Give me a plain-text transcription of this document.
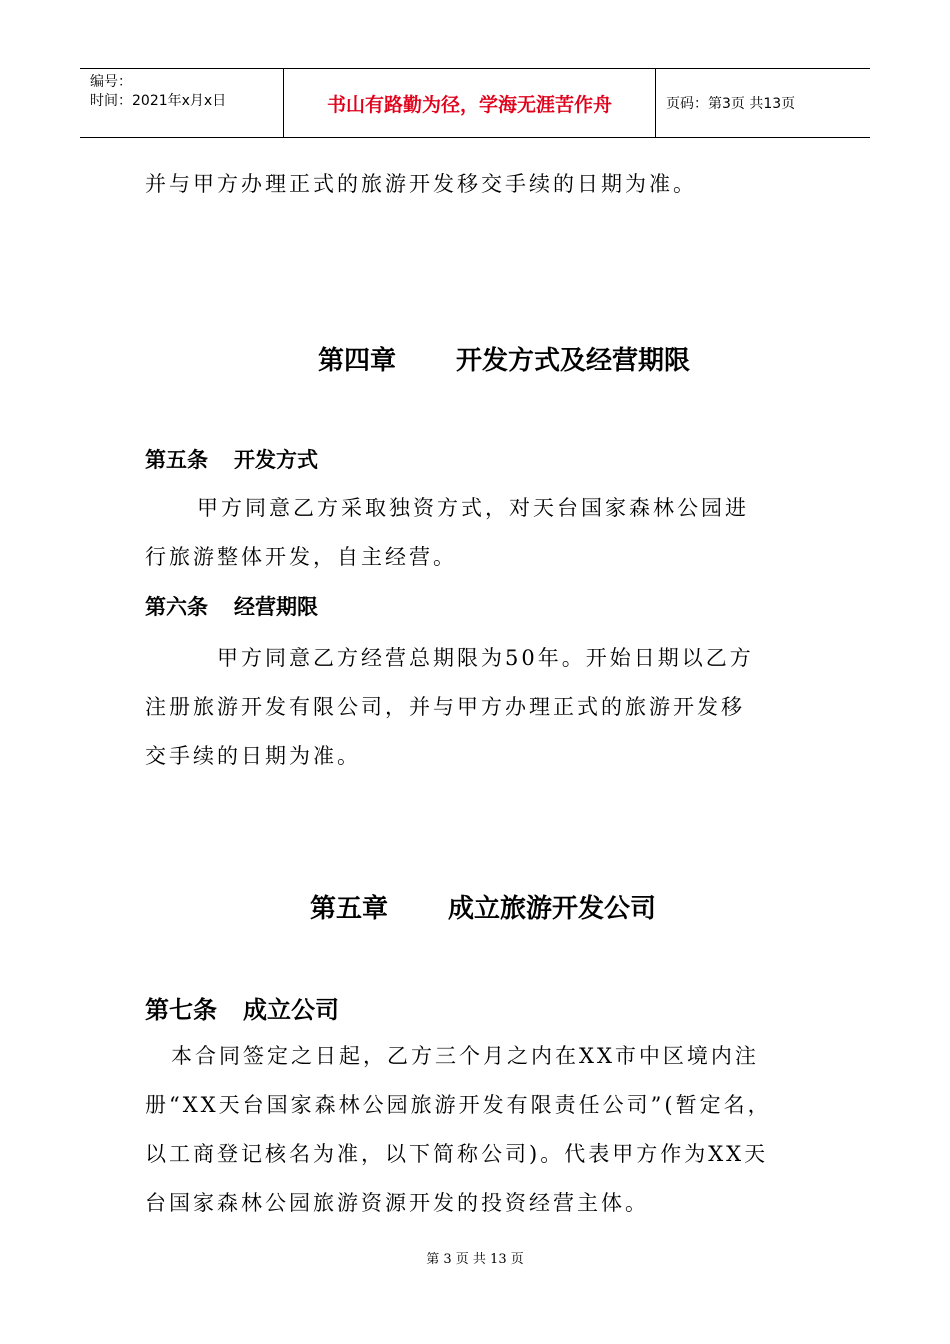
编号：
时间：2021年x月x日	书山有路勤为径，学海无涯苦作舟	页码：第3页 共13页
并与甲方办理正式的旅游开发移交手续的日期为准。
第四章 开发方式及经营期限
第五条 开发方式
甲方同意乙方采取独资方式，对天台国家森林公园进
行旅游整体开发，自主经营。
第六条 经营期限
甲方同意乙方经营总期限为50年。开始日期以乙方
注册旅游开发有限公司，并与甲方办理正式的旅游开发移
交手续的日期为准。
第五章 成立旅游开发公司
第七条 成立公司
本合同签定之日起，乙方三个月之内在XX市中区境内注
册“XX天台国家森林公园旅游开发有限责任公司”(暂定名，
以工商登记核名为准，以下简称公司)。代表甲方作为XX天
台国家森林公园旅游资源开发的投资经营主体。
第 3 页 共 13 页
